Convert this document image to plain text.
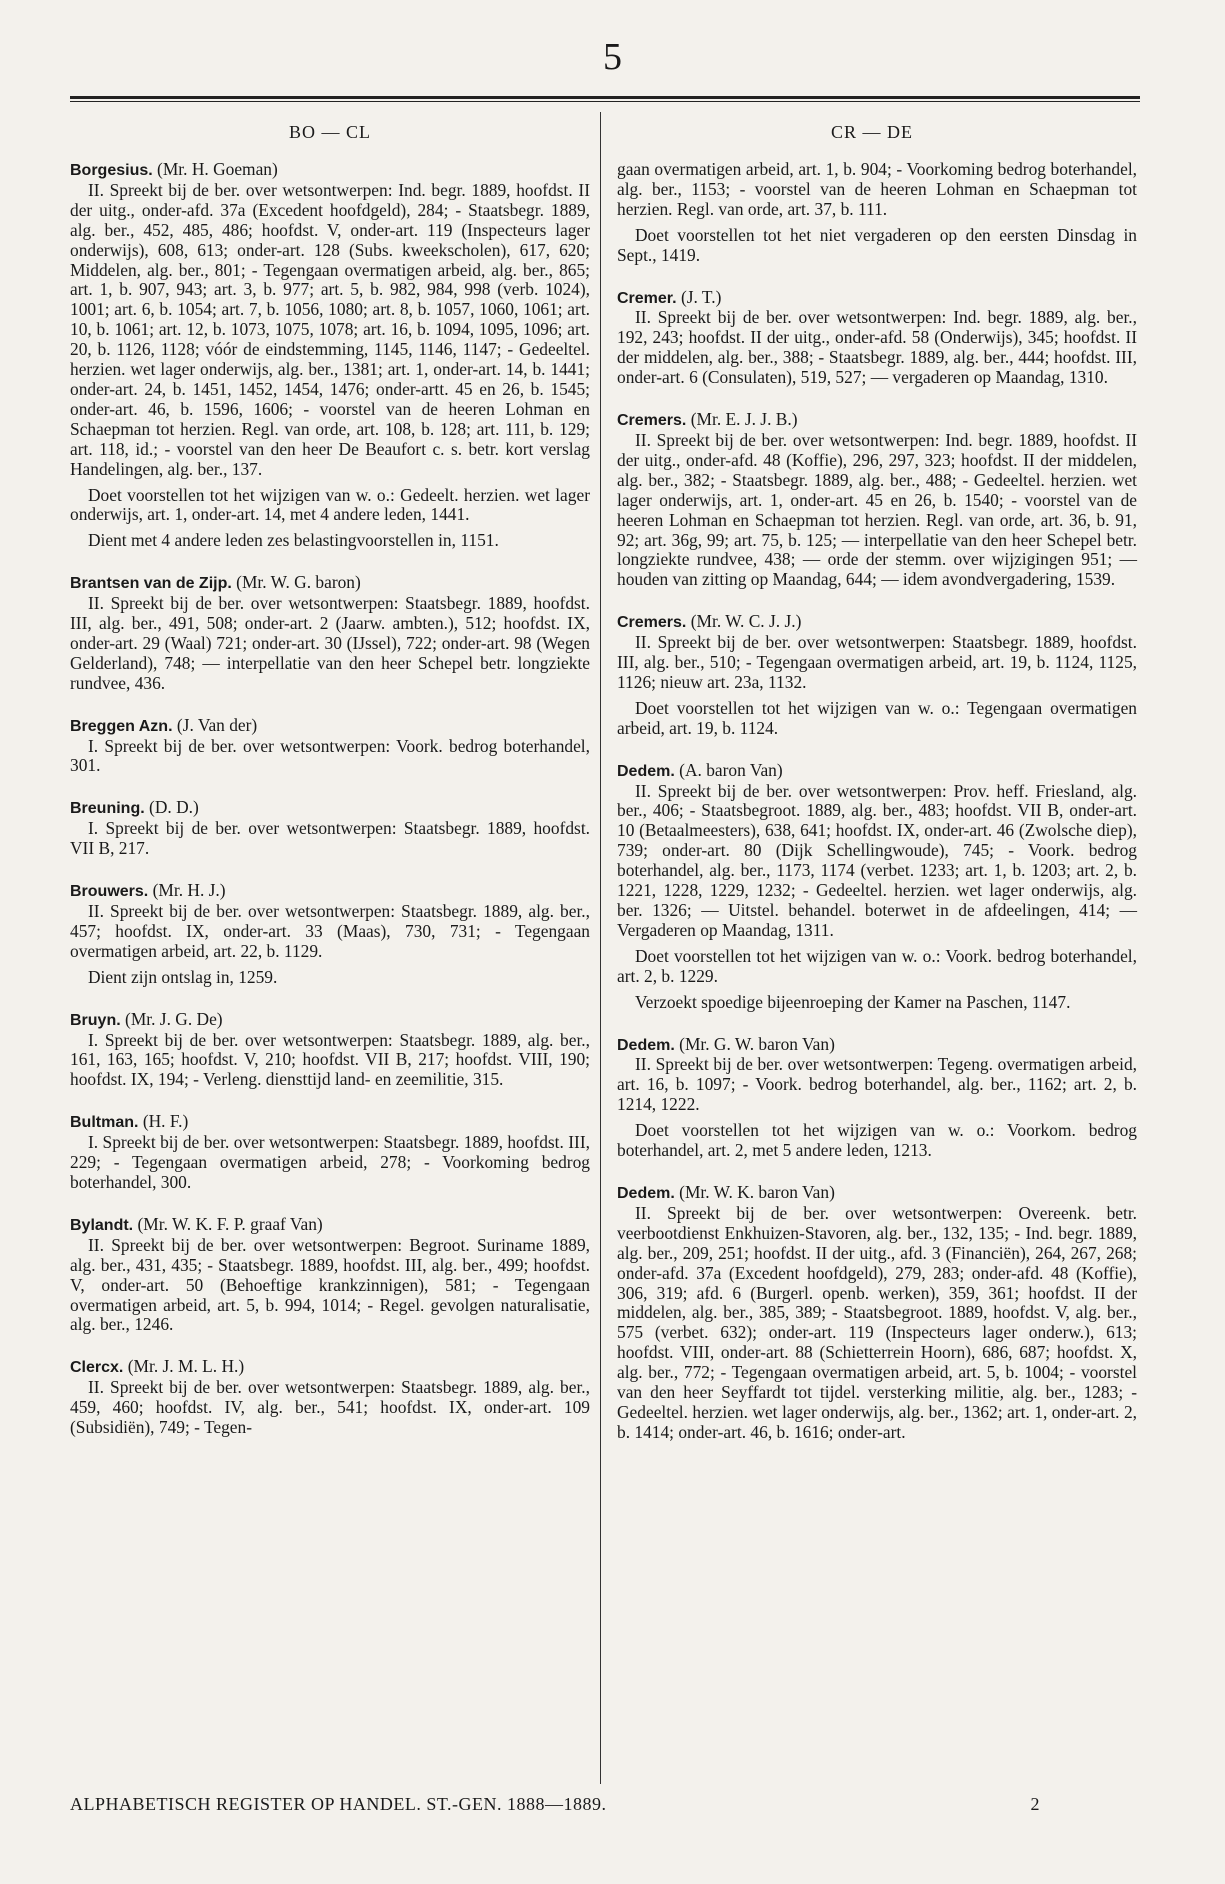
5
BO — CL	CR — DE

Borgesius. (Mr. H. Goeman)

II. Spreekt bij de ber. over wetsontwerpen: Ind. begr. 1889, hoofdst. II der uitg., onder-afd. 37a (Excedent hoofdgeld), 284; - Staatsbegr. 1889, alg. ber., 452, 485, 486; hoofdst. V, onder-art. 119 (Inspecteurs lager onderwijs), 608, 613; onder-art. 128 (Subs. kweekscholen), 617, 620; Middelen, alg. ber., 801; - Tegengaan overmatigen arbeid, alg. ber., 865; art. 1, b. 907, 943; art. 3, b. 977; art. 5, b. 982, 984, 998 (verb. 1024), 1001; art. 6, b. 1054; art. 7, b. 1056, 1080; art. 8, b. 1057, 1060, 1061; art. 10, b. 1061; art. 12, b. 1073, 1075, 1078; art. 16, b. 1094, 1095, 1096; art. 20, b. 1126, 1128; vóór de eindstemming, 1145, 1146, 1147; - Gedeeltel. herzien. wet lager onderwijs, alg. ber., 1381; art. 1, onder-art. 14, b. 1441; onder-art. 24, b. 1451, 1452, 1454, 1476; onder-artt. 45 en 26, b. 1545; onder-art. 46, b. 1596, 1606; - voorstel van de heeren Lohman en Schaepman tot herzien. Regl. van orde, art. 108, b. 128; art. 111, b. 129; art. 118, id.; - voorstel van den heer De Beaufort c. s. betr. kort verslag Handelingen, alg. ber., 137.

Doet voorstellen tot het wijzigen van w. o.: Gedeelt. herzien. wet lager onderwijs, art. 1, onder-art. 14, met 4 andere leden, 1441.

Dient met 4 andere leden zes belastingvoorstellen in, 1151.

Brantsen van de Zijp. (Mr. W. G. baron)

II. Spreekt bij de ber. over wetsontwerpen: Staatsbegr. 1889, hoofdst. III, alg. ber., 491, 508; onder-art. 2 (Jaarw. ambten.), 512; hoofdst. IX, onder-art. 29 (Waal) 721; onder-art. 30 (IJssel), 722; onder-art. 98 (Wegen Gelderland), 748; — interpellatie van den heer Schepel betr. longziekte rundvee, 436.

Breggen Azn. (J. Van der)

I. Spreekt bij de ber. over wetsontwerpen: Voork. bedrog boterhandel, 301.

Breuning. (D. D.)

I. Spreekt bij de ber. over wetsontwerpen: Staatsbegr. 1889, hoofdst. VII B, 217.

Brouwers. (Mr. H. J.)

II. Spreekt bij de ber. over wetsontwerpen: Staatsbegr. 1889, alg. ber., 457; hoofdst. IX, onder-art. 33 (Maas), 730, 731; - Tegengaan overmatigen arbeid, art. 22, b. 1129.

Dient zijn ontslag in, 1259.

Bruyn. (Mr. J. G. De)

I. Spreekt bij de ber. over wetsontwerpen: Staatsbegr. 1889, alg. ber., 161, 163, 165; hoofdst. V, 210; hoofdst. VII B, 217; hoofdst. VIII, 190; hoofdst. IX, 194; - Verleng. diensttijd land- en zeemilitie, 315.

Bultman. (H. F.)

I. Spreekt bij de ber. over wetsontwerpen: Staatsbegr. 1889, hoofdst. III, 229; - Tegengaan overmatigen arbeid, 278; - Voorkoming bedrog boterhandel, 300.

Bylandt. (Mr. W. K. F. P. graaf Van)

II. Spreekt bij de ber. over wetsontwerpen: Begroot. Suriname 1889, alg. ber., 431, 435; - Staatsbegr. 1889, hoofdst. III, alg. ber., 499; hoofdst. V, onder-art. 50 (Behoeftige krankzinnigen), 581; - Tegengaan overmatigen arbeid, art. 5, b. 994, 1014; - Regel. gevolgen naturalisatie, alg. ber., 1246.

Clercx. (Mr. J. M. L. H.)

II. Spreekt bij de ber. over wetsontwerpen: Staatsbegr. 1889, alg. ber., 459, 460; hoofdst. IV, alg. ber., 541; hoofdst. IX, onder-art. 109 (Subsidiën), 749; - Tegen-

gaan overmatigen arbeid, art. 1, b. 904; - Voorkoming bedrog boterhandel, alg. ber., 1153; - voorstel van de heeren Lohman en Schaepman tot herzien. Regl. van orde, art. 37, b. 111.

Doet voorstellen tot het niet vergaderen op den eersten Dinsdag in Sept., 1419.

Cremer. (J. T.)

II. Spreekt bij de ber. over wetsontwerpen: Ind. begr. 1889, alg. ber., 192, 243; hoofdst. II der uitg., onder-afd. 58 (Onderwijs), 345; hoofdst. II der middelen, alg. ber., 388; - Staatsbegr. 1889, alg. ber., 444; hoofdst. III, onder-art. 6 (Consulaten), 519, 527; — vergaderen op Maandag, 1310.

Cremers. (Mr. E. J. J. B.)

II. Spreekt bij de ber. over wetsontwerpen: Ind. begr. 1889, hoofdst. II der uitg., onder-afd. 48 (Koffie), 296, 297, 323; hoofdst. II der middelen, alg. ber., 382; - Staatsbegr. 1889, alg. ber., 488; - Gedeeltel. herzien. wet lager onderwijs, art. 1, onder-art. 45 en 26, b. 1540; - voorstel van de heeren Lohman en Schaepman tot herzien. Regl. van orde, art. 36, b. 91, 92; art. 36g, 99; art. 75, b. 125; — interpellatie van den heer Schepel betr. longziekte rundvee, 438; — orde der stemm. over wijzigingen 951; — houden van zitting op Maandag, 644; — idem avondvergadering, 1539.

Cremers. (Mr. W. C. J. J.)

II. Spreekt bij de ber. over wetsontwerpen: Staatsbegr. 1889, hoofdst. III, alg. ber., 510; - Tegengaan overmatigen arbeid, art. 19, b. 1124, 1125, 1126; nieuw art. 23a, 1132.

Doet voorstellen tot het wijzigen van w. o.: Tegengaan overmatigen arbeid, art. 19, b. 1124.

Dedem. (A. baron Van)

II. Spreekt bij de ber. over wetsontwerpen: Prov. heff. Friesland, alg. ber., 406; - Staatsbegroot. 1889, alg. ber., 483; hoofdst. VII B, onder-art. 10 (Betaalmeesters), 638, 641; hoofdst. IX, onder-art. 46 (Zwolsche diep), 739; onder-art. 80 (Dijk Schellingwoude), 745; - Voork. bedrog boterhandel, alg. ber., 1173, 1174 (verbet. 1233; art. 1, b. 1203; art. 2, b. 1221, 1228, 1229, 1232; - Gedeeltel. herzien. wet lager onderwijs, alg. ber. 1326; — Uitstel. behandel. boterwet in de afdeelingen, 414; — Vergaderen op Maandag, 1311.

Doet voorstellen tot het wijzigen van w. o.: Voork. bedrog boterhandel, art. 2, b. 1229.

Verzoekt spoedige bijeenroeping der Kamer na Paschen, 1147.

Dedem. (Mr. G. W. baron Van)

II. Spreekt bij de ber. over wetsontwerpen: Tegeng. overmatigen arbeid, art. 16, b. 1097; - Voork. bedrog boterhandel, alg. ber., 1162; art. 2, b. 1214, 1222.

Doet voorstellen tot het wijzigen van w. o.: Voorkom. bedrog boterhandel, art. 2, met 5 andere leden, 1213.

Dedem. (Mr. W. K. baron Van)

II. Spreekt bij de ber. over wetsontwerpen: Overeenk. betr. veerbootdienst Enkhuizen-Stavoren, alg. ber., 132, 135; - Ind. begr. 1889, alg. ber., 209, 251; hoofdst. II der uitg., afd. 3 (Financiën), 264, 267, 268; onder-afd. 37a (Excedent hoofdgeld), 279, 283; onder-afd. 48 (Koffie), 306, 319; afd. 6 (Burgerl. openb. werken), 359, 361; hoofdst. II der middelen, alg. ber., 385, 389; - Staatsbegroot. 1889, hoofdst. V, alg. ber., 575 (verbet. 632); onder-art. 119 (Inspecteurs lager onderw.), 613; hoofdst. VIII, onder-art. 88 (Schietterrein Hoorn), 686, 687; hoofdst. X, alg. ber., 772; - Tegengaan overmatigen arbeid, art. 5, b. 1004; - voorstel van den heer Seyffardt tot tijdel. versterking militie, alg. ber., 1283; - Gedeeltel. herzien. wet lager onderwijs, alg. ber., 1362; art. 1, onder-art. 2, b. 1414; onder-art. 46, b. 1616; onder-art.

ALPHABETISCH REGISTER OP HANDEL. ST.-GEN. 1888—1889.	2
